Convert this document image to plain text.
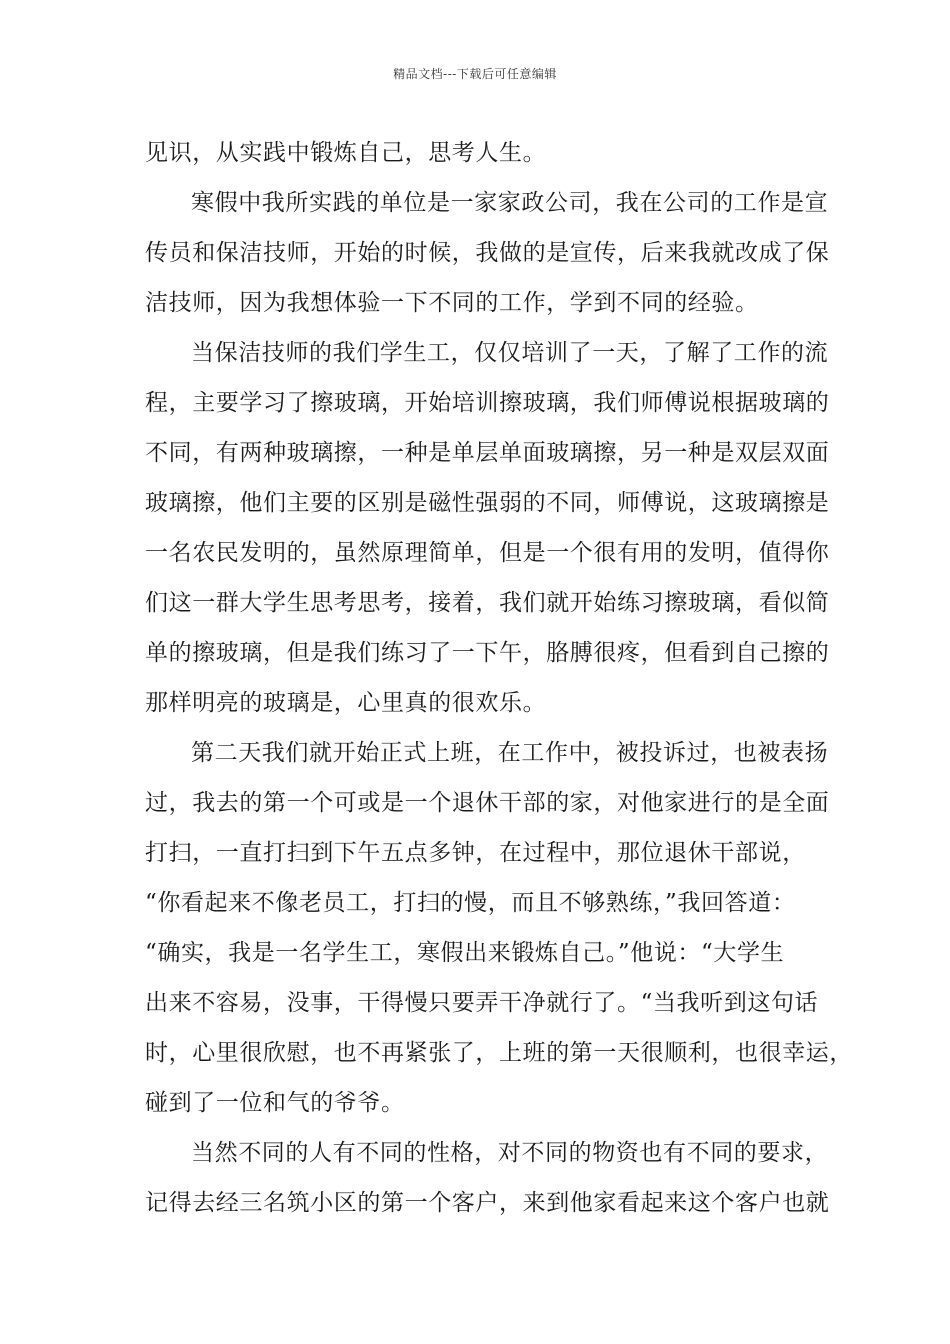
精品文档---下载后可任意编辑
见识，从实践中锻炼自己，思考人生。
寒假中我所实践的单位是一家家政公司，我在公司的工作是宣
传员和保洁技师，开始的时候，我做的是宣传，后来我就改成了保
洁技师，因为我想体验一下不同的工作，学到不同的经验。
当保洁技师的我们学生工，仅仅培训了一天，了解了工作的流
程，主要学习了擦玻璃，开始培训擦玻璃，我们师傅说根据玻璃的
不同，有两种玻璃擦，一种是单层单面玻璃擦，另一种是双层双面
玻璃擦，他们主要的区别是磁性强弱的不同，师傅说，这玻璃擦是
一名农民发明的，虽然原理简单，但是一个很有用的发明，值得你
们这一群大学生思考思考，接着，我们就开始练习擦玻璃，看似简
单的擦玻璃，但是我们练习了一下午，胳膊很疼，但看到自己擦的
那样明亮的玻璃是，心里真的很欢乐。
第二天我们就开始正式上班，在工作中，被投诉过，也被表扬
过，我去的第一个可或是一个退休干部的家，对他家进行的是全面
打扫，一直打扫到下午五点多钟，在过程中，那位退休干部说，
“你看起来不像老员工，打扫的慢，而且不够熟练，”我回答道：
“确实，我是一名学生工，寒假出来锻炼自己。”他说：“大学生
出来不容易，没事，干得慢只要弄干净就行了。“当我听到这句话
时，心里很欣慰，也不再紧张了，上班的第一天很顺利，也很幸运，
碰到了一位和气的爷爷。
当然不同的人有不同的性格，对不同的物资也有不同的要求，
记得去经三名筑小区的第一个客户，来到他家看起来这个客户也就
